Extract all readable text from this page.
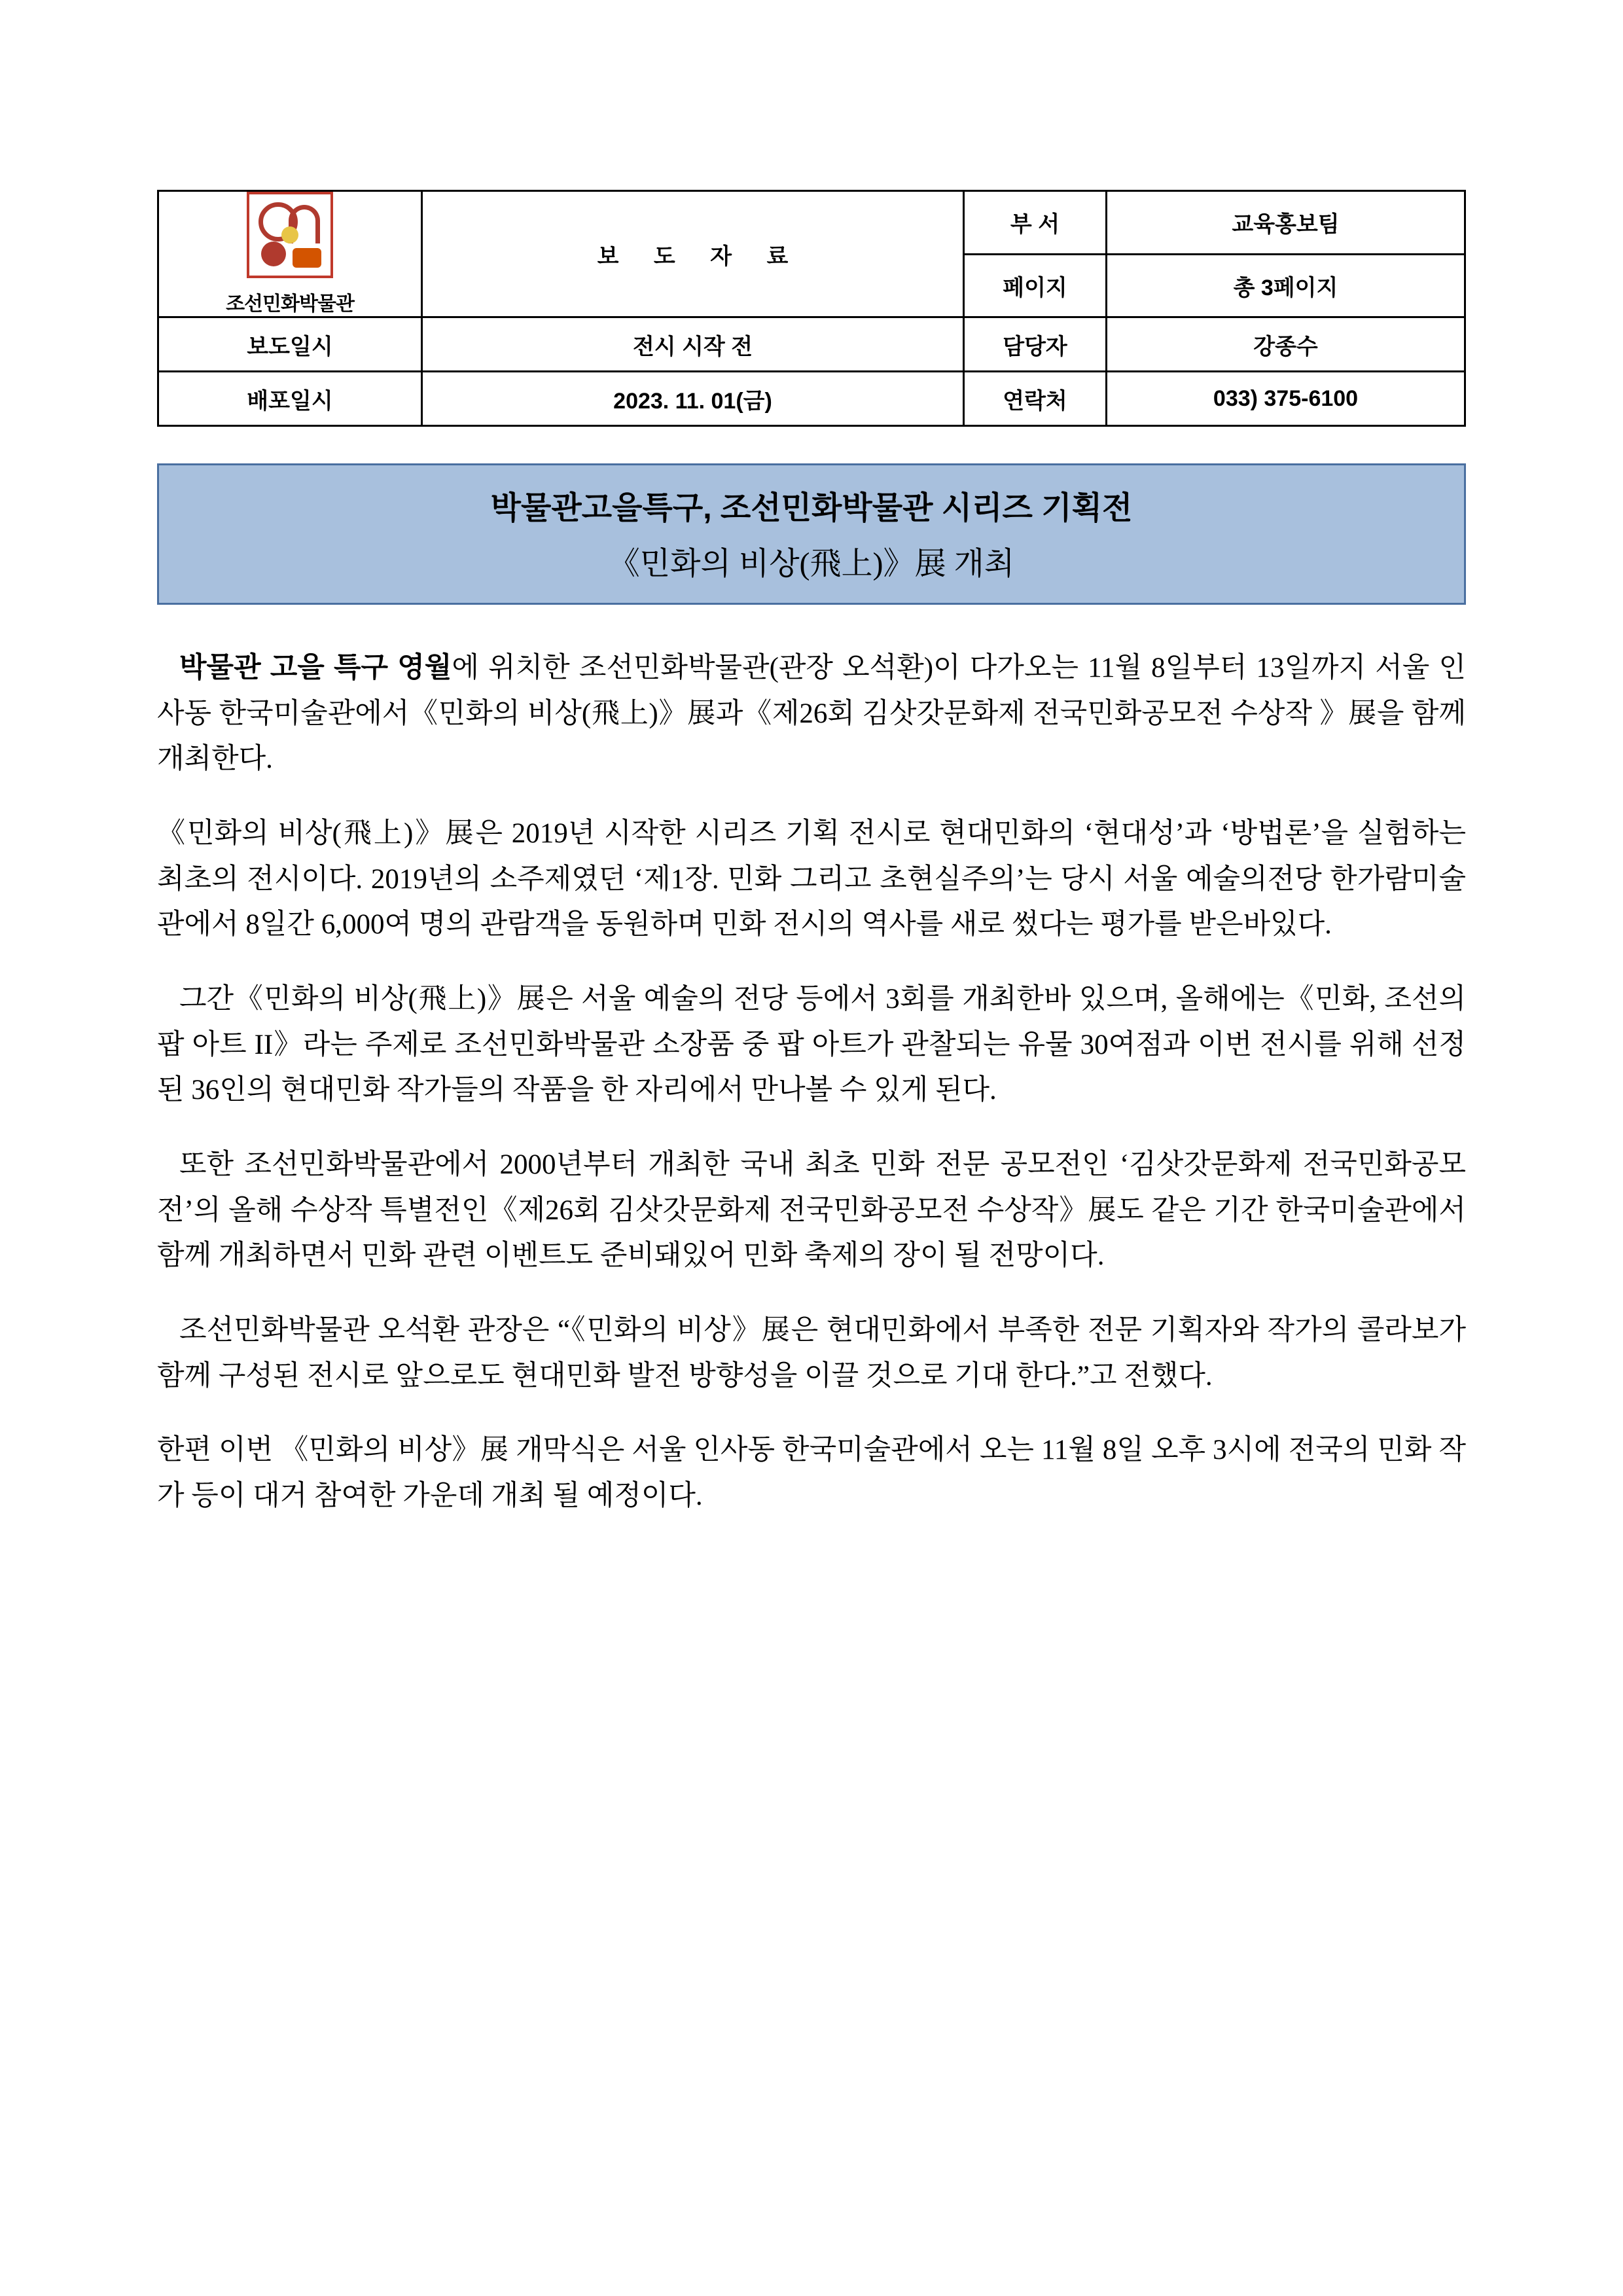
조선민화박물관	보 도 자 료	부 서	교육홍보팀
		페이지	총 3페이지
보도일시	전시 시작 전	담당자	강종수
배포일시	2023. 11. 01(금)	연락처	033) 375-6100
박물관고을특구, 조선민화박물관 시리즈 기획전
《민화의 비상(飛上)》展 개최

박물관 고을 특구 영월에 위치한 조선민화박물관(관장 오석환)이 다가오는 11월 8일부터 13일까지 서울 인사동 한국미술관에서《민화의 비상(飛上)》展과《제26회 김삿갓문화제 전국민화공모전 수상작 》展을 함께 개최한다.

《민화의 비상(飛上)》展은 2019년 시작한 시리즈 기획 전시로 현대민화의 ‘현대성’과 ‘방법론’을 실험하는 최초의 전시이다. 2019년의 소주제였던 ‘제1장. 민화 그리고 초현실주의’는 당시 서울 예술의전당 한가람미술관에서 8일간 6,000여 명의 관람객을 동원하며 민화 전시의 역사를 새로 썼다는 평가를 받은바있다.

그간《민화의 비상(飛上)》展은 서울 예술의 전당 등에서 3회를 개최한바 있으며, 올해에는《민화, 조선의 팝 아트 II》라는 주제로 조선민화박물관 소장품 중 팝 아트가 관찰되는 유물 30여점과 이번 전시를 위해 선정된 36인의 현대민화 작가들의 작품을 한 자리에서 만나볼 수 있게 된다.

또한 조선민화박물관에서 2000년부터 개최한 국내 최초 민화 전문 공모전인 ‘김삿갓문화제 전국민화공모전’의 올해 수상작 특별전인《제26회 김삿갓문화제 전국민화공모전 수상작》展도 같은 기간 한국미술관에서 함께 개최하면서 민화 관련 이벤트도 준비돼있어 민화 축제의 장이 될 전망이다.

조선민화박물관 오석환 관장은 “《민화의 비상》展은 현대민화에서 부족한 전문 기획자와 작가의 콜라보가 함께 구성된 전시로 앞으로도 현대민화 발전 방향성을 이끌 것으로 기대 한다.”고 전했다.

한편 이번 《민화의 비상》展 개막식은 서울 인사동 한국미술관에서 오는 11월 8일 오후 3시에 전국의 민화 작가 등이 대거 참여한 가운데 개최 될 예정이다.
